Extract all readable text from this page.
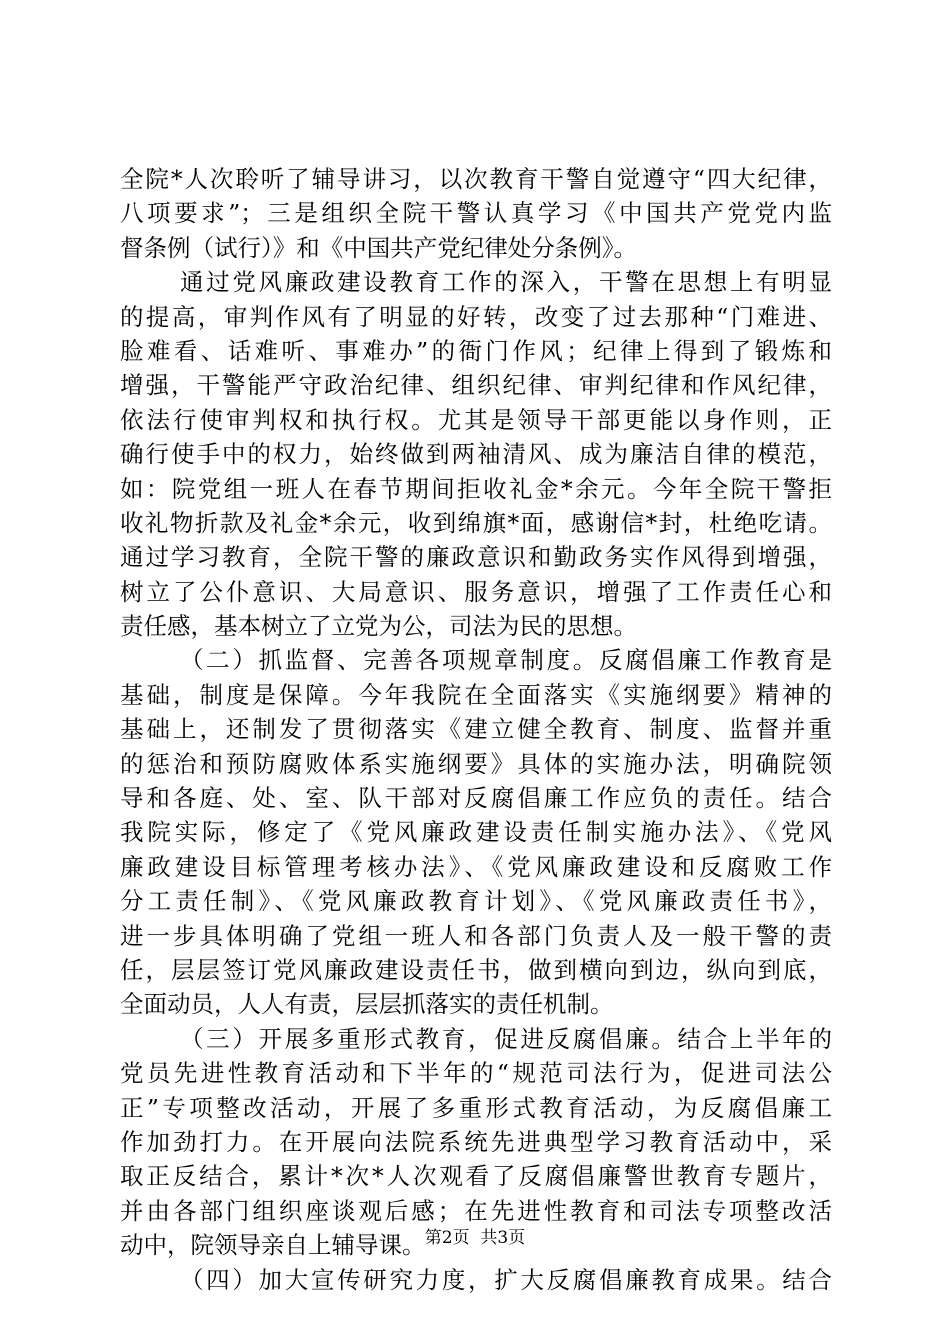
全院*人次聆听了辅导讲习，以次教育干警自觉遵守“四大纪律，
八项要求”；三是组织全院干警认真学习《中国共产党党内监
督条例（试行）》和《中国共产党纪律处分条例》。
通过党风廉政建设教育工作的深入，干警在思想上有明显
的提高，审判作风有了明显的好转，改变了过去那种“门难进、
脸难看、话难听、事难办”的衙门作风；纪律上得到了锻炼和
增强，干警能严守政治纪律、组织纪律、审判纪律和作风纪律，
依法行使审判权和执行权。尤其是领导干部更能以身作则，正
确行使手中的权力，始终做到两袖清风、成为廉洁自律的模范，
如：院党组一班人在春节期间拒收礼金*余元。今年全院干警拒
收礼物折款及礼金*余元，收到绵旗*面，感谢信*封，杜绝吃请。
通过学习教育，全院干警的廉政意识和勤政务实作风得到增强，
树立了公仆意识、大局意识、服务意识，增强了工作责任心和
责任感，基本树立了立党为公，司法为民的思想。
（二）抓监督、完善各项规章制度。反腐倡廉工作教育是
基础，制度是保障。今年我院在全面落实《实施纲要》精神的
基础上，还制发了贯彻落实《建立健全教育、制度、监督并重
的惩治和预防腐败体系实施纲要》具体的实施办法，明确院领
导和各庭、处、室、队干部对反腐倡廉工作应负的责任。结合
我院实际，修定了《党风廉政建设责任制实施办法》、《党风
廉政建设目标管理考核办法》、《党风廉政建设和反腐败工作
分工责任制》、《党风廉政教育计划》、《党风廉政责任书》，
进一步具体明确了党组一班人和各部门负责人及一般干警的责
任，层层签订党风廉政建设责任书，做到横向到边，纵向到底，
全面动员，人人有责，层层抓落实的责任机制。
（三）开展多重形式教育，促进反腐倡廉。结合上半年的
党员先进性教育活动和下半年的“规范司法行为，促进司法公
正”专项整改活动，开展了多重形式教育活动，为反腐倡廉工
作加劲打力。在开展向法院系统先进典型学习教育活动中，采
取正反结合，累计*次*人次观看了反腐倡廉警世教育专题片，
并由各部门组织座谈观后感；在先进性教育和司法专项整改活
动中，院领导亲自上辅导课。
（四）加大宣传研究力度，扩大反腐倡廉教育成果。结合
第2页  共3页
